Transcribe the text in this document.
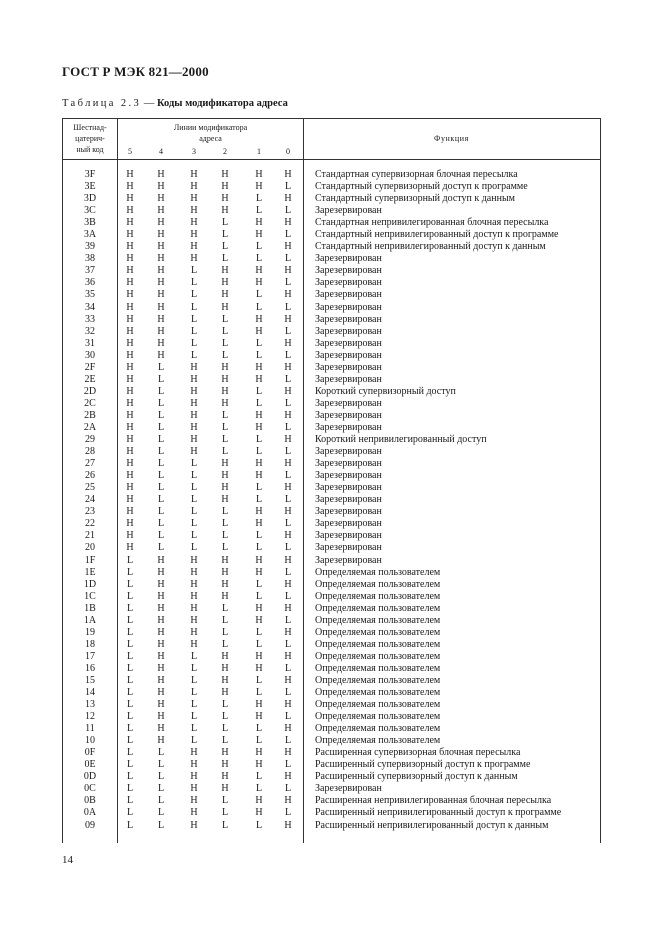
ГОСТ Р МЭК 821—2000
Таблица 2.3 — Коды модификатора адреса
Шестнад-
цатерич-
ный код
Линии модификатора
адреса
5	4	3	2	1	0
Функция
3F	H	H	H	H	H	H	Стандартная супервизорная блочная пересылка
3E	H	H	H	H	H	L	Стандартный супервизорный доступ к программе
3D	H	H	H	H	L	H	Стандартный супервизорный доступ к данным
3C	H	H	H	H	L	L	Зарезервирован
3B	H	H	H	L	H	H	Стандартная непривилегированная блочная пересылка
3A	H	H	H	L	H	L	Стандартный непривилегированный доступ к программе
39	H	H	H	L	L	H	Стандартный непривилегированный доступ к данным
38	H	H	H	L	L	L	Зарезервирован
37	H	H	L	H	H	H	Зарезервирован
36	H	H	L	H	H	L	Зарезервирован
35	H	H	L	H	L	H	Зарезервирован
34	H	H	L	H	L	L	Зарезервирован
33	H	H	L	L	H	H	Зарезервирован
32	H	H	L	L	H	L	Зарезервирован
31	H	H	L	L	L	H	Зарезервирован
30	H	H	L	L	L	L	Зарезервирован
2F	H	L	H	H	H	H	Зарезервирован
2E	H	L	H	H	H	L	Зарезервирован
2D	H	L	H	H	L	H	Короткий супервизорный доступ
2C	H	L	H	H	L	L	Зарезервирован
2B	H	L	H	L	H	H	Зарезервирован
2A	H	L	H	L	H	L	Зарезервирован
29	H	L	H	L	L	H	Короткий непривилегированный доступ
28	H	L	H	L	L	L	Зарезервирован
27	H	L	L	H	H	H	Зарезервирован
26	H	L	L	H	H	L	Зарезервирован
25	H	L	L	H	L	H	Зарезервирован
24	H	L	L	H	L	L	Зарезервирован
23	H	L	L	L	H	H	Зарезервирован
22	H	L	L	L	H	L	Зарезервирован
21	H	L	L	L	L	H	Зарезервирован
20	H	L	L	L	L	L	Зарезервирован
1F	L	H	H	H	H	H	Зарезервирован
1E	L	H	H	H	H	L	Определяемая пользователем
1D	L	H	H	H	L	H	Определяемая пользователем
1C	L	H	H	H	L	L	Определяемая пользователем
1B	L	H	H	L	H	H	Определяемая пользователем
1A	L	H	H	L	H	L	Определяемая пользователем
19	L	H	H	L	L	H	Определяемая пользователем
18	L	H	H	L	L	L	Определяемая пользователем
17	L	H	L	H	H	H	Определяемая пользователем
16	L	H	L	H	H	L	Определяемая пользователем
15	L	H	L	H	L	H	Определяемая пользователем
14	L	H	L	H	L	L	Определяемая пользователем
13	L	H	L	L	H	H	Определяемая пользователем
12	L	H	L	L	H	L	Определяемая пользователем
11	L	H	L	L	L	H	Определяемая пользователем
10	L	H	L	L	L	L	Определяемая пользователем
0F	L	L	H	H	H	H	Расширенная супервизорная блочная пересылка
0E	L	L	H	H	H	L	Расширенный супервизорный доступ к программе
0D	L	L	H	H	L	H	Расширенный супервизорный доступ к данным
0C	L	L	H	H	L	L	Зарезервирован
0B	L	L	H	L	H	H	Расширенная непривилегированная блочная пересылка
0A	L	L	H	L	H	L	Расширенный непривилегированный доступ к программе
09	L	L	H	L	L	H	Расширенный непривилегированный доступ к данным
14
